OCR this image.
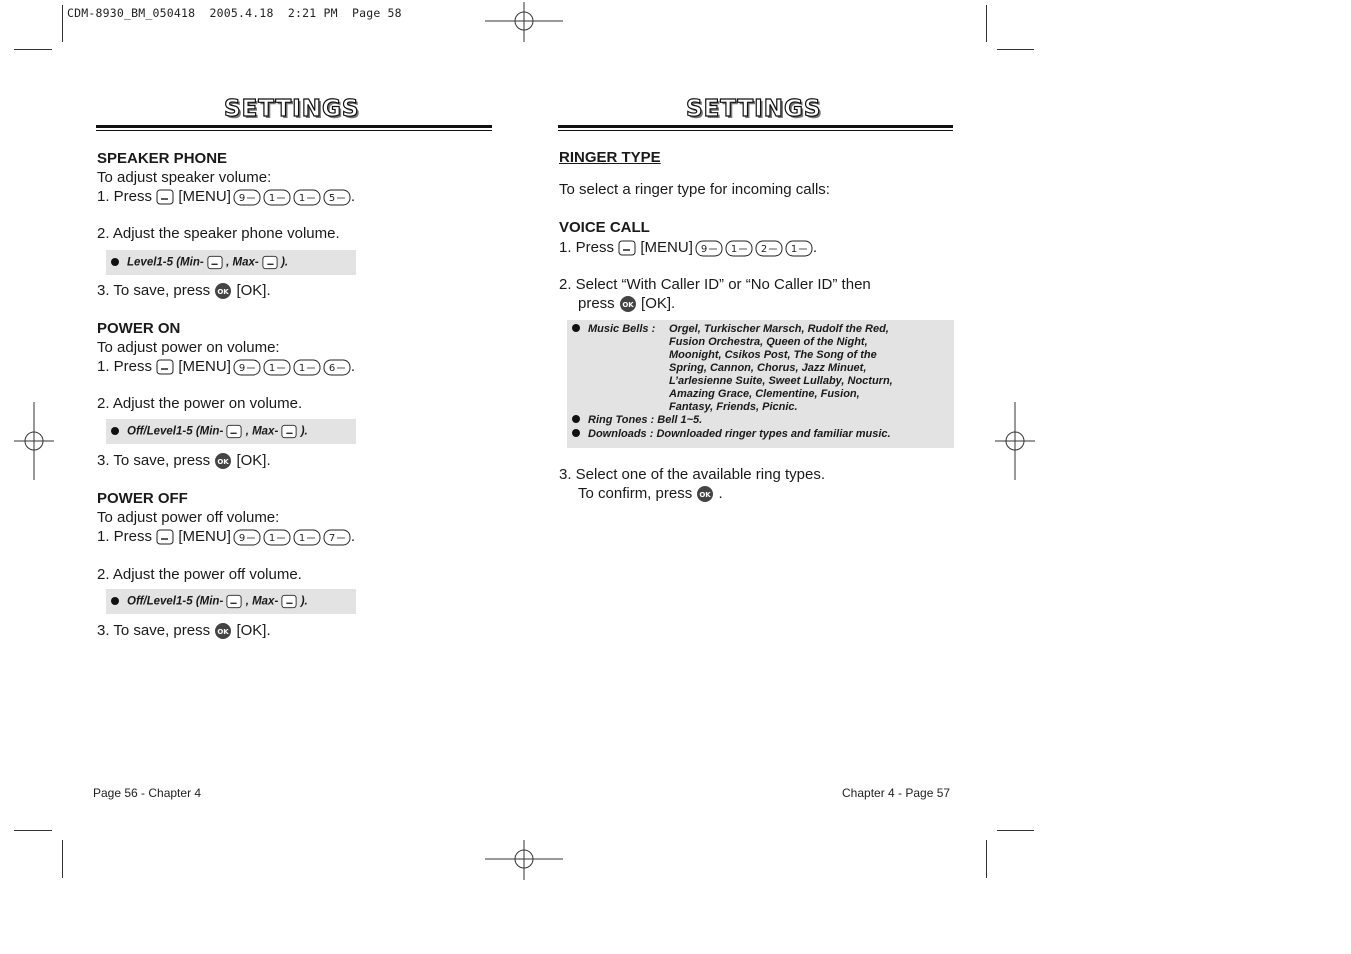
CDM-8930_BM_050418  2005.4.18  2:21 PM  Page 58
SETTINGS
SPEAKER PHONE
To adjust speaker volume:
1. Press [MENU] 9 1 1 5 .
2. Adjust the speaker phone volume.
Level1-5 (Min- , Max- ).
3. To save, press OK [OK].
POWER ON
To adjust power on volume:
1. Press [MENU] 9 1 1 6 .
2. Adjust the power on volume.
Off/Level1-5 (Min- , Max- ).
3. To save, press OK [OK].
POWER OFF
To adjust power off volume:
1. Press [MENU] 9 1 1 7 .
2. Adjust the power off volume.
Off/Level1-5 (Min- , Max- ).
3. To save, press OK [OK].
Page 56 - Chapter 4
SETTINGS
RINGER TYPE
To select a ringer type for incoming calls:
VOICE CALL
1. Press [MENU] 9 1 2 1 .
2. Select “With Caller ID” or “No Caller ID” then
press OK [OK].
Music Bells : Orgel, Turkischer Marsch, Rudolf the Red,
Fusion Orchestra, Queen of the Night,
Moonight, Csikos Post, The Song of the
Spring, Cannon, Chorus, Jazz Minuet,
L’arlesienne Suite, Sweet Lullaby, Nocturn,
Amazing Grace, Clementine, Fusion,
Fantasy, Friends, Picnic.
Ring Tones : Bell 1~5.
Downloads : Downloaded ringer types and familiar music.
3. Select one of the available ring types.
To confirm, press OK .
Chapter 4 - Page 57
